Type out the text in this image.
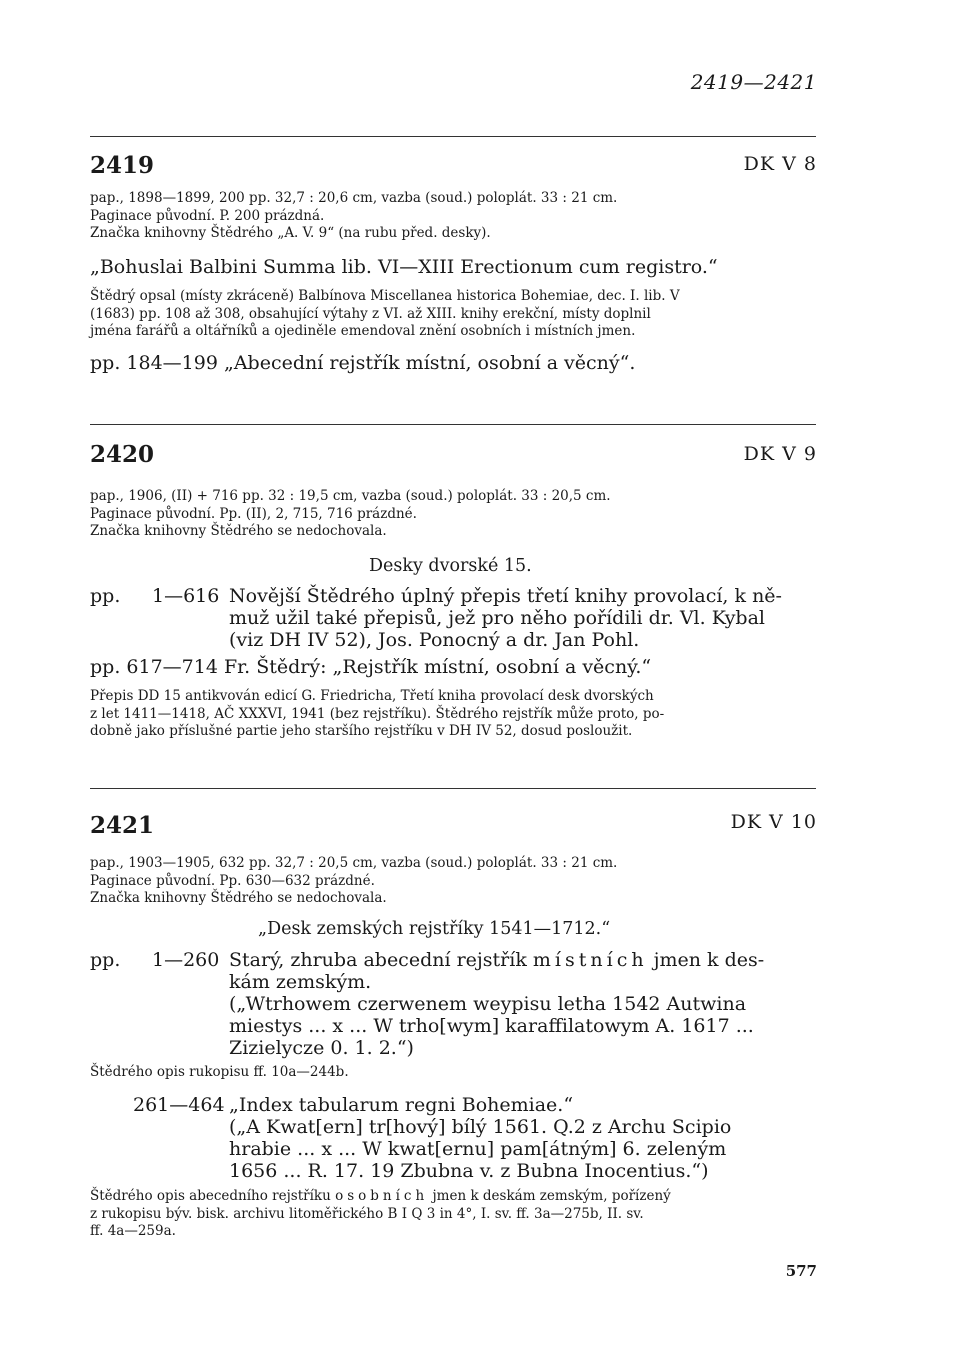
2419—2421
2419	DK V 8
pap., 1898—1899, 200 pp. 32,7 : 20,6 cm, vazba (soud.) poloplát. 33 : 21 cm.
Paginace původní. P. 200 prázdná.
Značka knihovny Štědrého „A. V. 9“ (na rubu před. desky).
„Bohuslai Balbini Summa lib. VI—XIII Erectionum cum registro.“
Štědrý opsal (místy zkráceně) Balbínova Miscellanea historica Bohemiae, dec. I. lib. V
(1683) pp. 108 až 308, obsahující výtahy z VI. až XIII. knihy erekční, místy doplnil
jména farářů a oltářníků a ojediněle emendoval znění osobních i místních jmen.
pp. 184—199 „Abecední rejstřík místní, osobní a věcný“.
2420	DK V 9
pap., 1906, (II) + 716 pp. 32 : 19,5 cm, vazba (soud.) poloplát. 33 : 20,5 cm.
Paginace původní. Pp. (II), 2, 715, 716 prázdné.
Značka knihovny Štědrého se nedochovala.
Desky dvorské 15.
pp. 1—616 Novější Štědrého úplný přepis třetí knihy provolací, k ně-
muž užil také přepisů, jež pro něho pořídili dr. Vl. Kybal
(viz DH IV 52), Jos. Ponocný a dr. Jan Pohl.
pp. 617—714 Fr. Štědrý: „Rejstřík místní, osobní a věcný.“
Přepis DD 15 antikvován edicí G. Friedricha, Třetí kniha provolací desk dvorských
z let 1411—1418, AČ XXXVI, 1941 (bez rejstříku). Štědrého rejstřík může proto, po-
dobně jako příslušné partie jeho staršího rejstříku v DH IV 52, dosud posloužit.
2421	DK V 10
pap., 1903—1905, 632 pp. 32,7 : 20,5 cm, vazba (soud.) poloplát. 33 : 21 cm.
Paginace původní. Pp. 630—632 prázdné.
Značka knihovny Štědrého se nedochovala.
„Desk zemských rejstříky 1541—1712.“
pp. 1—260 Starý, zhruba abecední rejstřík místních jmen k des-
kám zemským.
(„Wtrhowem czerwenem weypisu letha 1542 Autwina
miestys ... x ... W trho[wym] karaffilatowym A. 1617 ...
Zizielycze 0. 1. 2.“)
Štědrého opis rukopisu ff. 10a—244b.
261—464 „Index tabularum regni Bohemiae.“
(„A Kwat[ern] tr[hový] bílý 1561. Q.2 z Archu Scipio
hrabie ... x ... W kwat[ernu] pam[átným] 6. zeleným
1656 ... R. 17. 19 Zbubna v. z Bubna Inocentius.“)
Štědrého opis abecedního rejstříku osobních jmen k deskám zemským, pořízený
z rukopisu býv. bisk. archivu litoměřického B I Q 3 in 4°, I. sv. ff. 3a—275b, II. sv.
ff. 4a—259a.
577
